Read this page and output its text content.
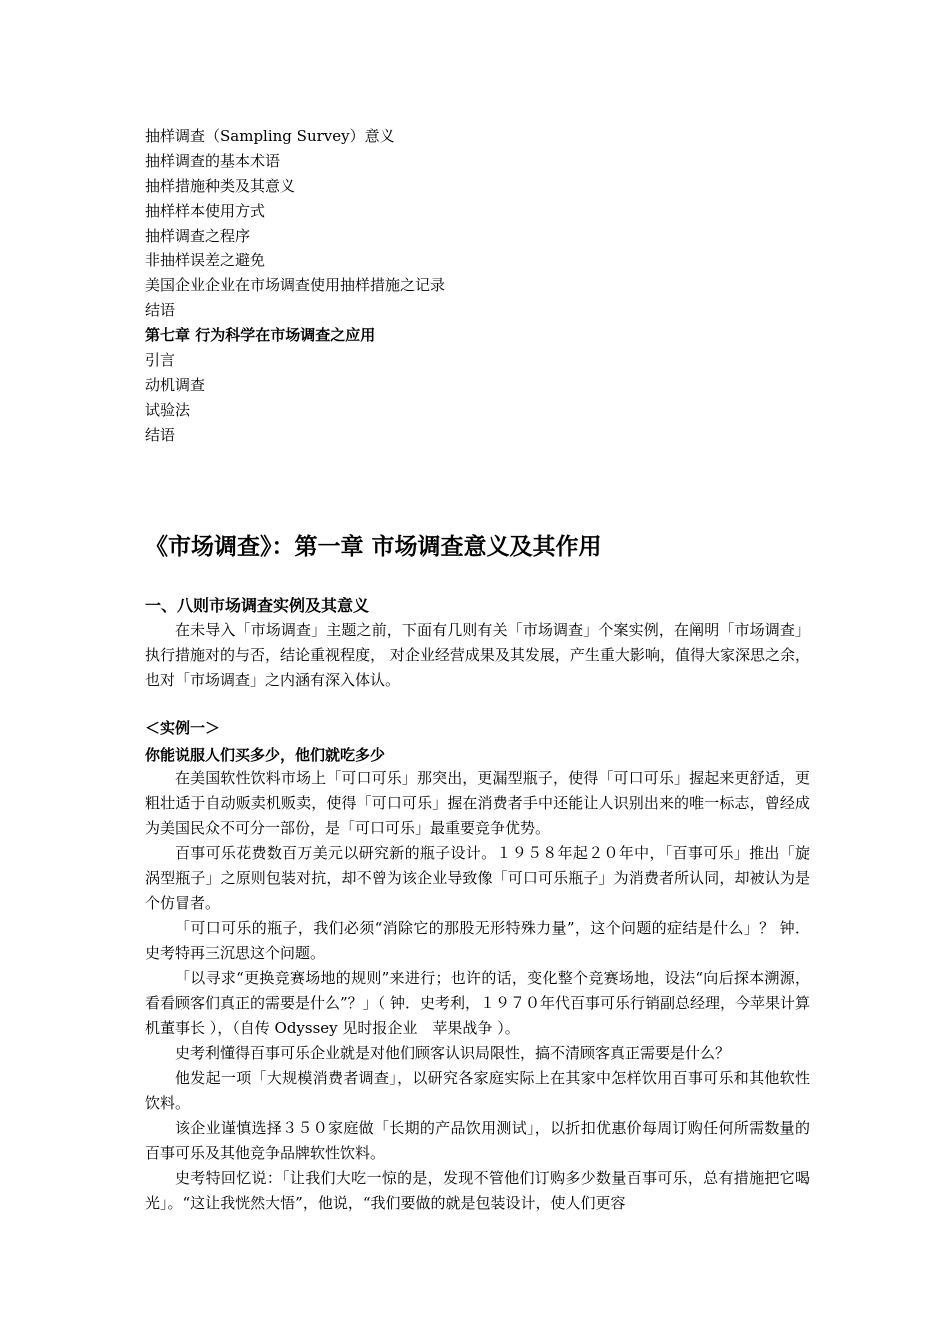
抽样调查（Sampling Survey）意义
抽样调查的基本术语
抽样措施种类及其意义
抽样样本使用方式
抽样调查之程序
非抽样误差之避免
美国企业企业在市场调查使用抽样措施之记录
结语
第七章 行为科学在市场调查之应用
引言
动机调查
试验法
结语
《市场调查》：第一章 市场调查意义及其作用
一、八则市场调查实例及其意义

在未导入「市场调查」主题之前，下面有几则有关「市场调查」个案实例，在阐明「市场调查」执行措施对的与否，结论重视程度， 对企业经营成果及其发展，产生重大影响，值得大家深思之余，也对「市场调查」之内涵有深入体认。

＜实例一＞
你能说服人们买多少，他们就吃多少

在美国软性饮料市场上「可口可乐」那突出，更漏型瓶子，使得「可口可乐」握起来更舒适，更粗壮适于自动贩卖机贩卖，使得「可口可乐」握在消费者手中还能让人识别出来的唯一标志，曾经成为美国民众不可分一部份，是「可口可乐」最重要竞争优势。

百事可乐花费数百万美元以研究新的瓶子设计。１９５８年起２０年中，「百事可乐」推出「旋涡型瓶子」之原则包装对抗，却不曾为该企业导致像「可口可乐瓶子」为消费者所认同，却被认为是个仿冒者。

「可口可乐的瓶子，我们必须“消除它的那股无形特殊力量”，这个问题的症结是什么」？ 钟．史考特再三沉思这个问题。

「以寻求“更换竞赛场地的规则”来进行；也许的话，变化整个竞赛场地，设法“向后探本溯源，看看顾客们真正的需要是什么”？」（ 钟．史考利，１９７０年代百事可乐行销副总经理，今苹果计算机董事长 ），（自传 Odyssey 见时报企业　苹果战争 ）。

史考利懂得百事可乐企业就是对他们顾客认识局限性，搞不清顾客真正需要是什么？

他发起一项「大规模消费者调查」，以研究各家庭实际上在其家中怎样饮用百事可乐和其他软性饮料。

该企业谨慎选择３５０家庭做「长期的产品饮用测试」，以折扣优惠价每周订购任何所需数量的百事可乐及其他竞争品牌软性饮料。

史考特回忆说：「让我们大吃一惊的是，发现不管他们订购多少数量百事可乐，总有措施把它喝光」。“这让我恍然大悟”，他说，“我们要做的就是包装设计，使人们更容
